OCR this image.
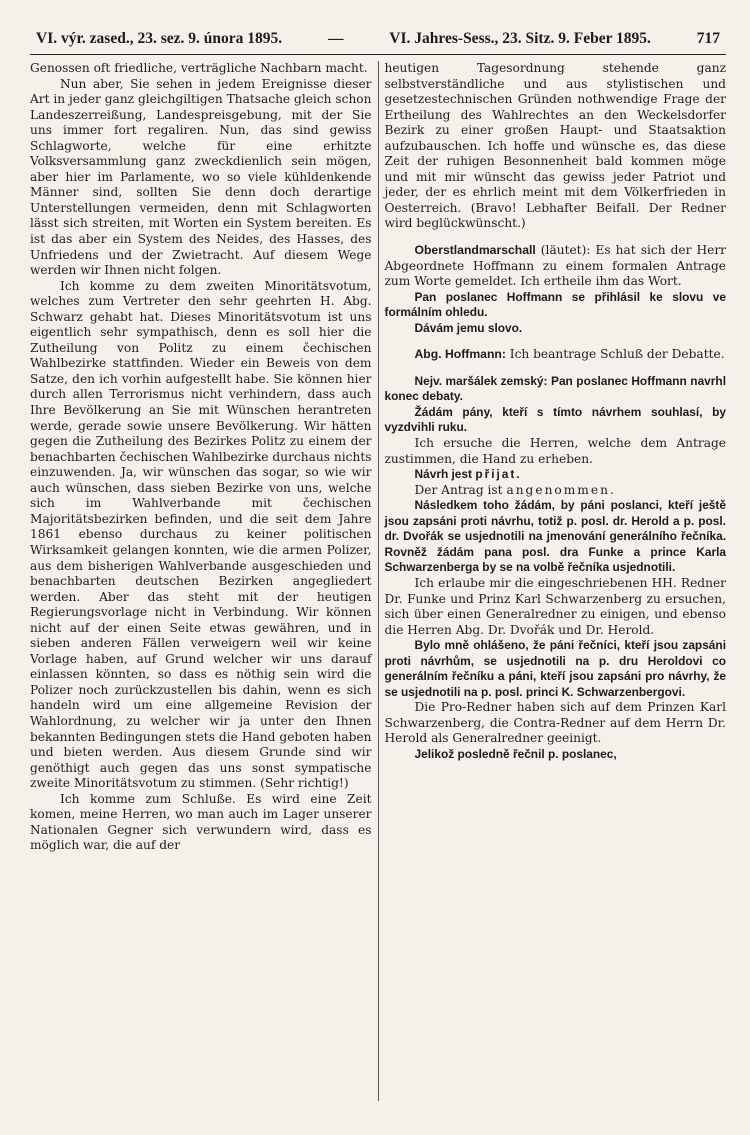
VI. výr. zased., 23. sez. 9. února 1895.	—	VI. Jahres-Sess., 23. Sitz. 9. Feber 1895.	717

Genossen oft friedliche, verträgliche Nachbarn macht.

Nun aber, Sie sehen in jedem Ereignisse dieser Art in jeder ganz gleichgiltigen Thatsache gleich schon Landeszerreißung, Landespreisgebung, mit der Sie uns immer fort regaliren. Nun, das sind gewiss Schlagworte, welche für eine erhitzte Volksversammlung ganz zweckdienlich sein mögen, aber hier im Parlamente, wo so viele kühldenkende Männer sind, sollten Sie denn doch derartige Unterstellungen vermeiden, denn mit Schlagworten lässt sich streiten, mit Worten ein System bereiten. Es ist das aber ein System des Neides, des Hasses, des Unfriedens und der Zwietracht. Auf diesem Wege werden wir Ihnen nicht folgen.

Ich komme zu dem zweiten Minoritätsvotum, welches zum Vertreter den sehr geehrten H. Abg. Schwarz gehabt hat. Dieses Minoritätsvotum ist uns eigentlich sehr sympathisch, denn es soll hier die Zutheilung von Politz zu einem čechischen Wahlbezirke stattfinden. Wieder ein Beweis von dem Satze, den ich vorhin aufgestellt habe. Sie können hier durch allen Terrorismus nicht verhindern, dass auch Ihre Bevölkerung an Sie mit Wünschen herantreten werde, gerade sowie unsere Bevölkerung. Wir hätten gegen die Zutheilung des Bezirkes Politz zu einem der benachbarten čechischen Wahlbezirke durchaus nichts einzuwenden. Ja, wir wünschen das sogar, so wie wir auch wünschen, dass sieben Bezirke von uns, welche sich im Wahlverbande mit čechischen Majoritätsbezirken befinden, und die seit dem Jahre 1861 ebenso durchaus zu keiner politischen Wirksamkeit gelangen konnten, wie die armen Polizer, aus dem bisherigen Wahlverbande ausgeschieden und benachbarten deutschen Bezirken angegliedert werden. Aber das steht mit der heutigen Regierungsvorlage nicht in Verbindung. Wir können nicht auf der einen Seite etwas gewähren, und in sieben anderen Fällen verweigern weil wir keine Vorlage haben, auf Grund welcher wir uns darauf einlassen könnten, so dass es nöthig sein wird die Polizer noch zurückzustellen bis dahin, wenn es sich handeln wird um eine allgemeine Revision der Wahlordnung, zu welcher wir ja unter den Ihnen bekannten Bedingungen stets die Hand geboten haben und bieten werden. Aus diesem Grunde sind wir genöthigt auch gegen das uns sonst sympatische zweite Minoritätsvotum zu stimmen. (Sehr richtig!)

Ich komme zum Schluße. Es wird eine Zeit komen, meine Herren, wo man auch im Lager unserer Nationalen Gegner sich verwundern wird, dass es möglich war, die auf der

heutigen Tagesordnung stehende ganz selbstverständliche und aus stylistischen und gesetzestechnischen Gründen nothwendige Frage der Ertheilung des Wahlrechtes an den Weckelsdorfer Bezirk zu einer großen Haupt- und Staatsaktion aufzubauschen. Ich hoffe und wünsche es, das diese Zeit der ruhigen Besonnenheit bald kommen möge und mit mir wünscht das gewiss jeder Patriot und jeder, der es ehrlich meint mit dem Völkerfrieden in Oesterreich. (Bravo! Lebhafter Beifall. Der Redner wird beglückwünscht.)

Oberstlandmarschall (läutet): Es hat sich der Herr Abgeordnete Hoffmann zu einem formalen Antrage zum Worte gemeldet. Ich ertheile ihm das Wort.

Pan poslanec Hoffmann se přihlásil ke slovu ve formálním ohledu.

Dávám jemu slovo.

Abg. Hoffmann: Ich beantrage Schluß der Debatte.

Nejv. maršálek zemský: Pan poslanec Hoffmann navrhl konec debaty.

Žádám pány, kteří s tímto návrhem souhlasí, by vyzdvihli ruku.

Ich ersuche die Herren, welche dem Antrage zustimmen, die Hand zu erheben.

Návrh jest přijat.

Der Antrag ist angenommen.

Následkem toho žádám, by páni poslanci, kteří ještě jsou zapsáni proti návrhu, totiž p. posl. dr. Herold a p. posl. dr. Dvořák se usjednotili na jmenování generálního řečníka. Rovněž žádám pana posl. dra Funke a prince Karla Schwarzenberga by se na volbě řečníka usjednotili.

Ich erlaube mir die eingeschriebenen HH. Redner Dr. Funke und Prinz Karl Schwarzenberg zu ersuchen, sich über einen Generalredner zu einigen, und ebenso die Herren Abg. Dr. Dvořák und Dr. Herold.

Bylo mně ohlášeno, že páni řečníci, kteří jsou zapsáni proti návrhům, se usjednotili na p. dru Heroldovi co generálním řečníku a páni, kteří jsou zapsáni pro návrhy, že se usjednotili na p. posl. princi K. Schwarzenbergovi.

Die Pro-Redner haben sich auf dem Prinzen Karl Schwarzenberg, die Contra-Redner auf dem Herrn Dr. Herold als Generalredner geeinigt.

Jelikož posledně řečnil p. poslanec,
